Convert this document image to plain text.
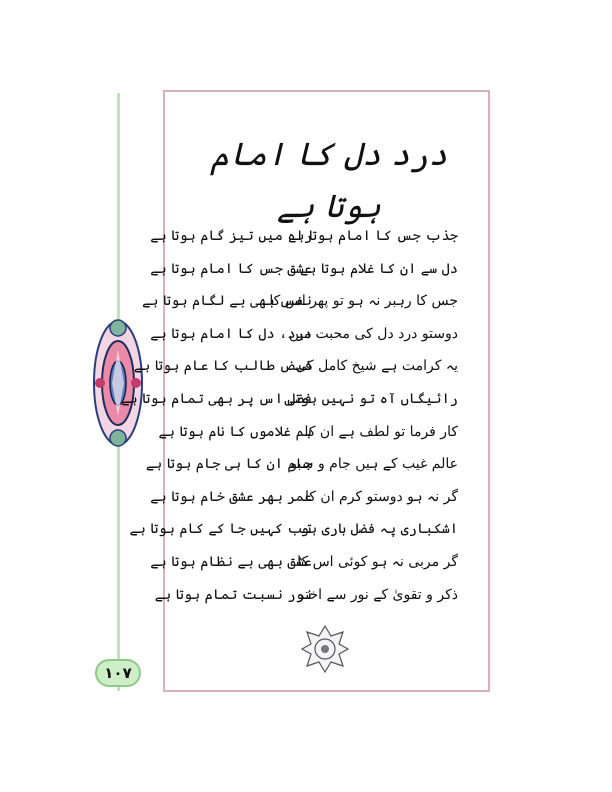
۱۰۷
درد دل کا امام ہوتا ہے
جذب جس کا امام ہوتا ہے
دل سے ان کا غلام ہوتا ہے
جس کا رہبر نہ ہو تو پھر اس کا
دوستو درد دل کی محبت میں
یہ کرامت ہے شیخ کامل کی
رائیگاں آہ تو نہیں ہوتی
کار فرما تو لطف ہے ان کا
عالم غیب کے ہیں جام و سبو
گر نہ ہو دوستو کرم ان کا
اشکباری پہ فضل باری ہو
گر مربی نہ ہو کوئی اس کا
ذکر و تقویٰ کے نور سے اختر
راہ میں تیز گام ہوتا ہے
عشق جس کا امام ہوتا ہے
نفس بھی بے لگام ہوتا ہے
درد، دل کا امام ہوتا ہے
فیض طالب کا عام ہوتا ہے
فضل اس پر بھی تمام ہوتا ہے
ہم غلاموں کا نام ہوتا ہے
جام ان کا ہی جام ہوتا ہے
عمر بھر عشق خام ہوتا ہے
تب کہیں جا کے کام ہوتا ہے
عشق بھی بے نظام ہوتا ہے
نور نسبت تمام ہوتا ہے
